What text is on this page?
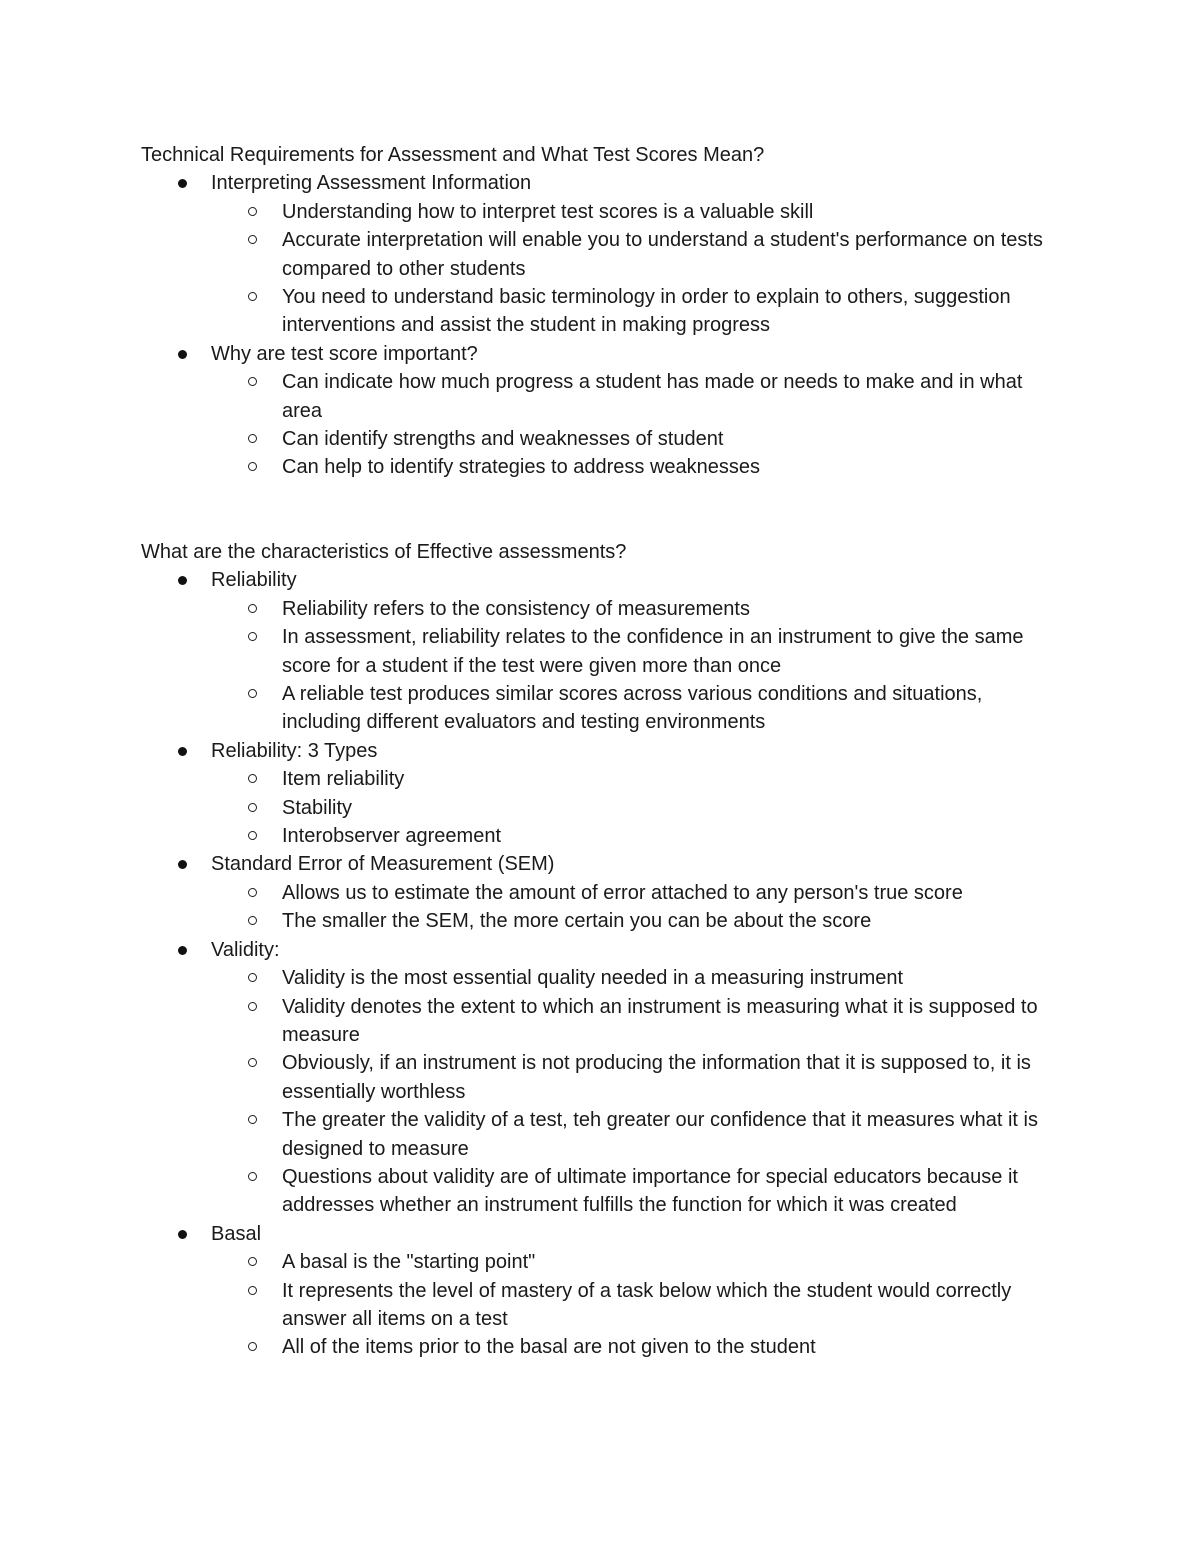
Technical Requirements for Assessment and What Test Scores Mean?

Interpreting Assessment Information
Understanding how to interpret test scores is a valuable skill
Accurate interpretation will enable you to understand a student's performance on tests compared to other students
You need to understand basic terminology in order to explain to others, suggestion interventions and assist the student in making progress
Why are test score important?
Can indicate how much progress a student has made or needs to make and in what area
Can identify strengths and weaknesses of student
Can help to identify strategies to address weaknesses

What are the characteristics of Effective assessments?

Reliability
Reliability refers to the consistency of measurements
In assessment, reliability relates to the confidence in an instrument to give the same score for a student if the test were given more than once
A reliable test produces similar scores across various conditions and situations, including different evaluators and testing environments
Reliability: 3 Types
Item reliability
Stability
Interobserver agreement
Standard Error of Measurement (SEM)
Allows us to estimate the amount of error attached to any person's true score
The smaller the SEM, the more certain you can be about the score
Validity:
Validity is the most essential quality needed in a measuring instrument
Validity denotes the extent to which an instrument is measuring what it is supposed to measure
Obviously, if an instrument is not producing the information that it is supposed to, it is essentially worthless
The greater the validity of a test, teh greater our confidence that it measures what it is designed to measure
Questions about validity are of ultimate importance for special educators because it addresses whether an instrument fulfills the function for which it was created
Basal
A basal is the "starting point"
It represents the level of mastery of a task below which the student would correctly answer all items on a test
All of the items prior to the basal are not given to the student
